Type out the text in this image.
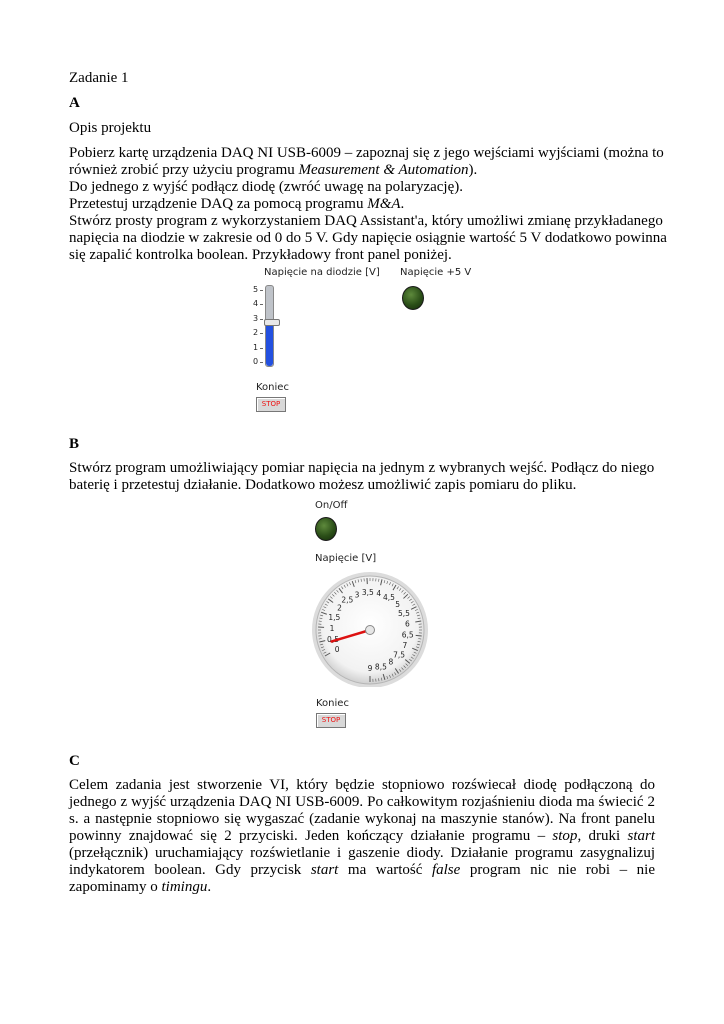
Zadanie 1

A

Opis projektu

Pobierz kartę urządzenia DAQ NI USB-6009 – zapoznaj się z jego wejściami wyjściami (można to

również zrobić przy użyciu programu Measurement & Automation).

Do jednego z wyjść podłącz diodę (zwróć uwagę na polaryzację).

Przetestuj urządzenie DAQ za pomocą programu M&A.

Stwórz prosty program z wykorzystaniem DAQ Assistant'a, który umożliwi zmianę przykładanego

napięcia na diodzie w zakresie od 0 do 5 V. Gdy napięcie osiągnie wartość 5 V dodatkowo powinna

się zapalić kontrolka boolean. Przykładowy front panel poniżej.

Napięcie na diodzie [V]
5
4
3
2
1
0
Napięcie +5 V
Koniec
STOP

B

Stwórz program umożliwiający pomiar napięcia na jednym z wybranych wejść. Podłącz do niego

baterię i przetestuj działanie. Dodatkowo możesz umożliwić zapis pomiaru do pliku.

On/Off
Napięcie [V]
0
0,5
1
1,5
2
2,5
3 3,5 4 4,5
5
5,5
6
6,5
7
7,5
8
8,5
9
Koniec
STOP

C

Celem zadania jest stworzenie VI, który będzie stopniowo rozświecał diodę podłączoną do jednego z wyjść urządzenia DAQ NI USB-6009. Po całkowitym rozjaśnieniu dioda ma świecić 2 s. a następnie stopniowo się wygaszać (zadanie wykonaj na maszynie stanów). Na front panelu powinny znajdować się 2 przyciski. Jeden kończący działanie programu – stop, druki start (przełącznik) uruchamiający rozświetlanie i gaszenie diody. Działanie programu zasygnalizuj indykatorem boolean. Gdy przycisk start ma wartość false program nic nie robi – nie zapominamy o timingu.
